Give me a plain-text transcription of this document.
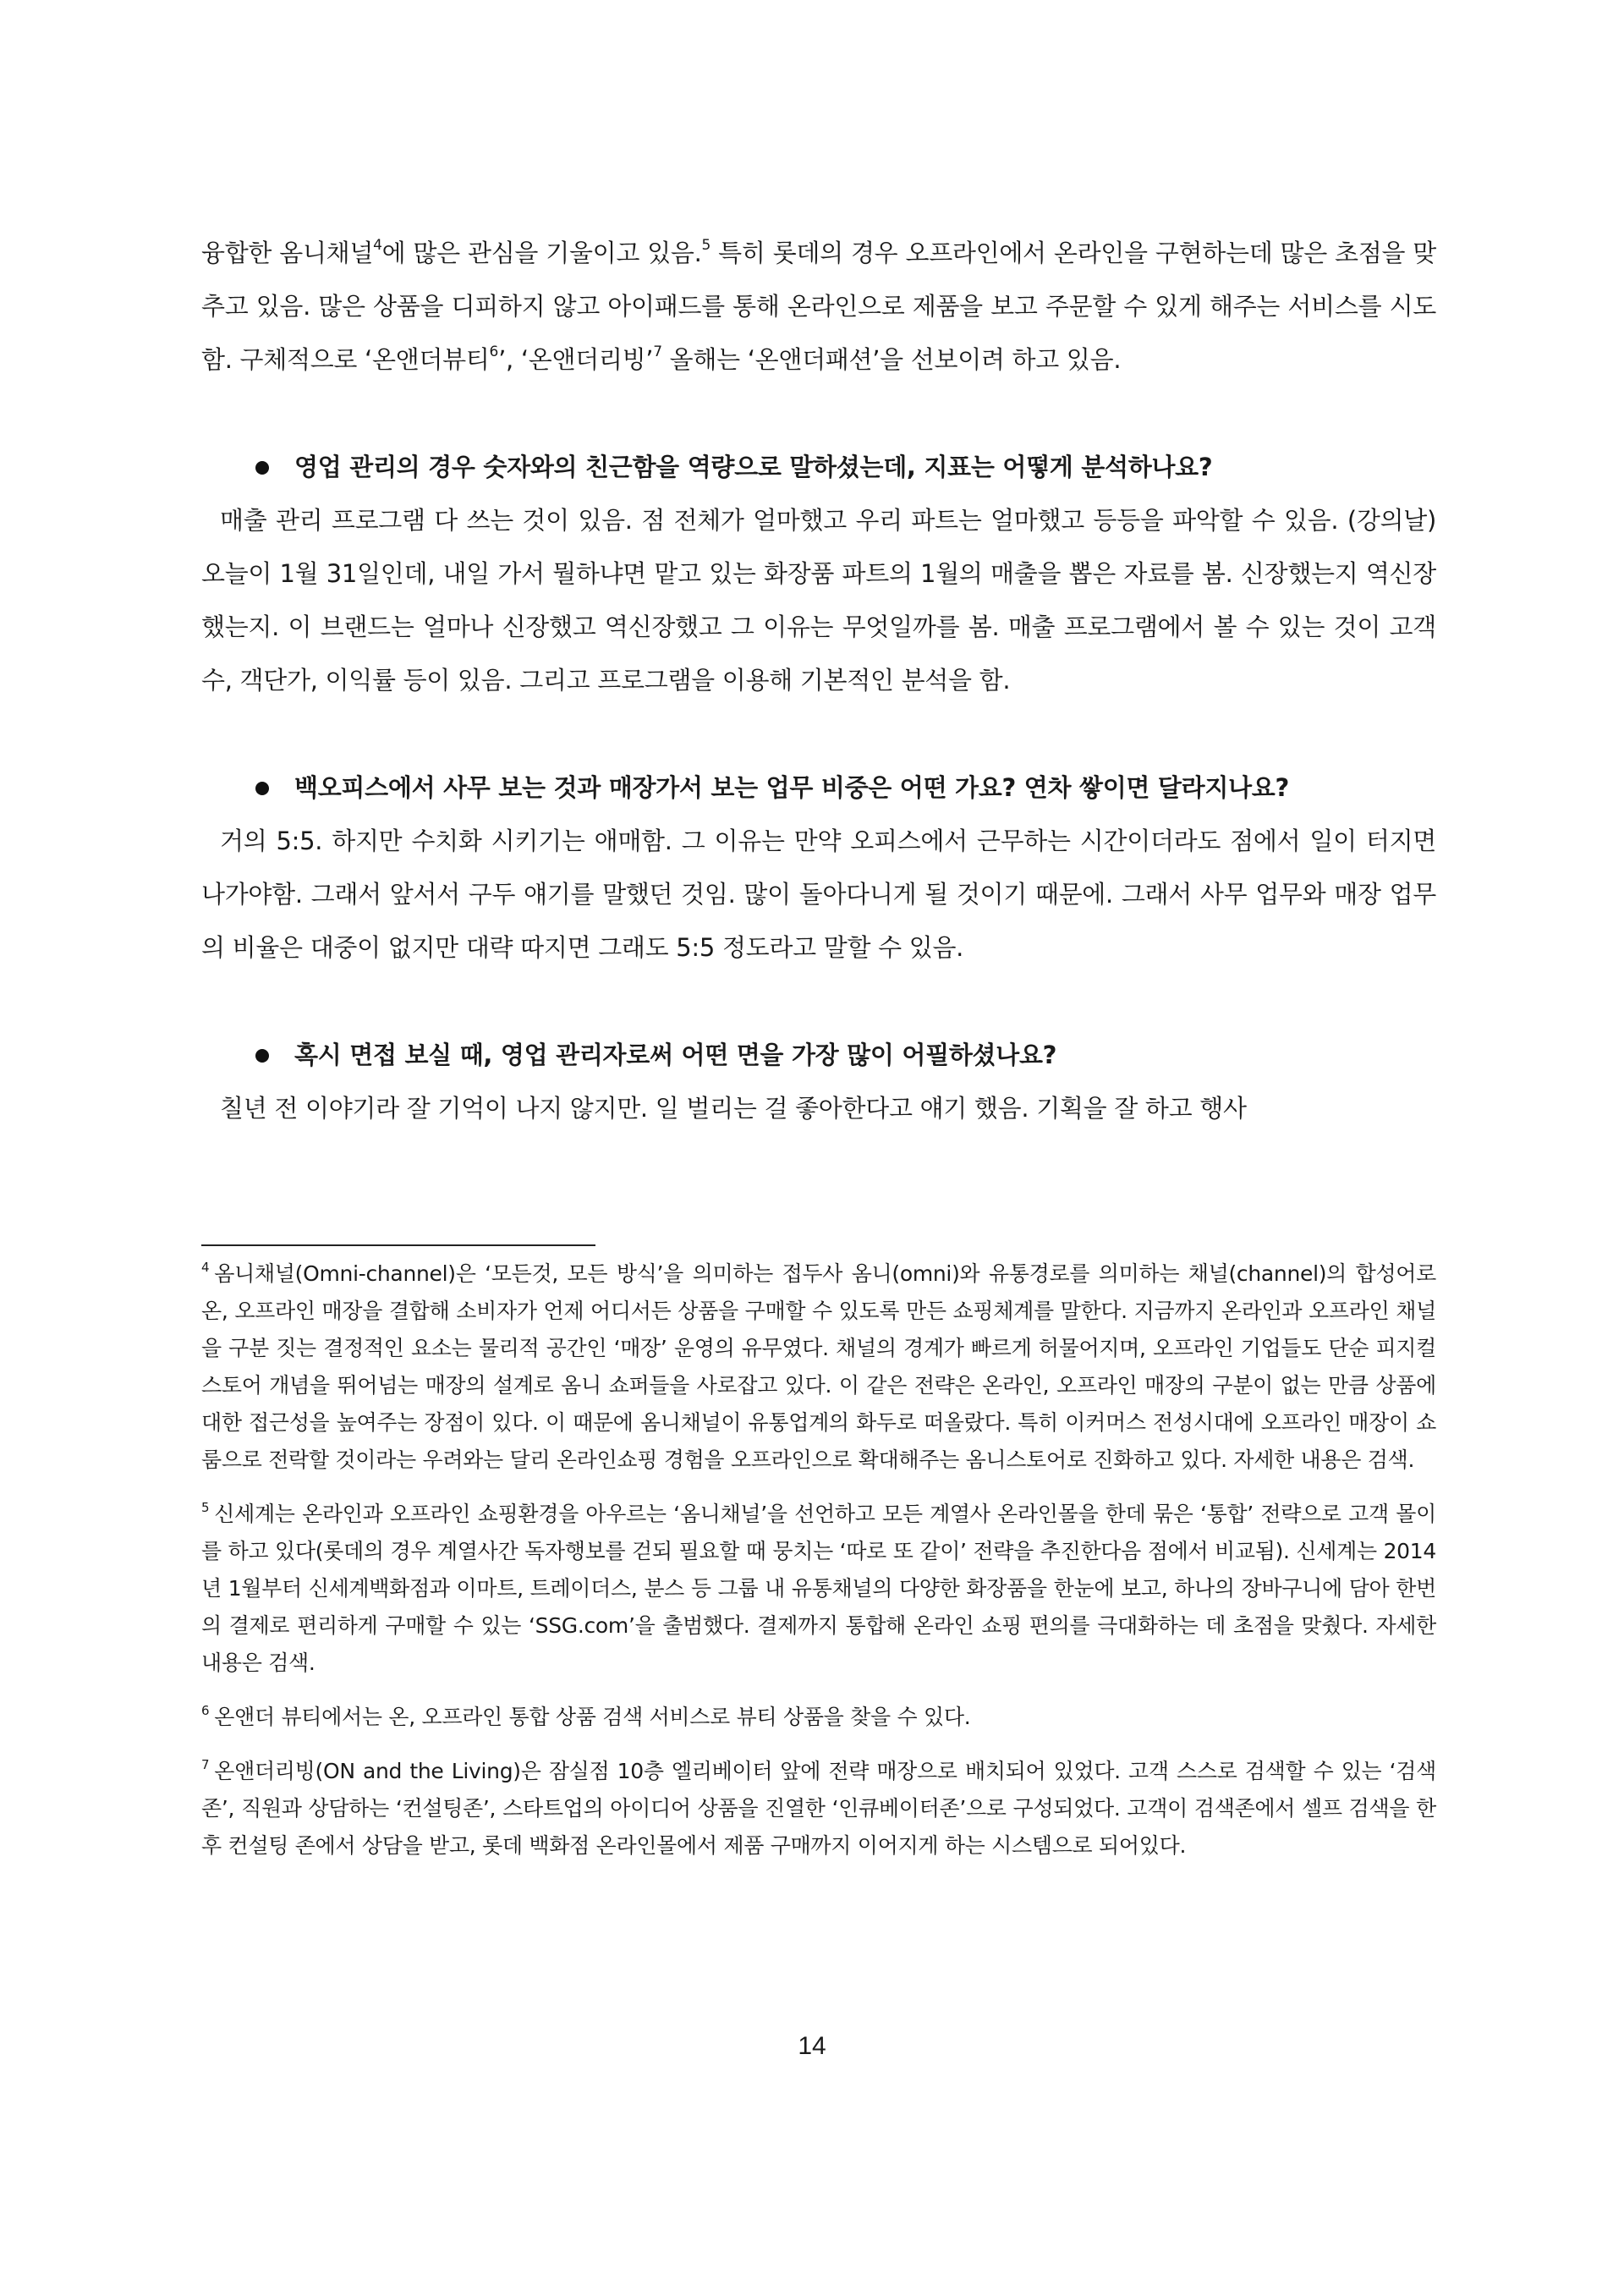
융합한 옴니채널$^4$에 많은 관심을 기울이고 있음.$^5$ 특히 롯데의 경우 오프라인에서 온라인을 구현하는데 많은 초점을 맞추고 있음. 많은 상품을 디피하지 않고 아이패드를 통해 온라인으로 제품을 보고 주문할 수 있게 해주는 서비스를 시도함. 구체적으로 ‘온앤더뷰티$^6$’, ‘온앤더리빙’$^7$ 올해는 ‘온앤더패션’을 선보이려 하고 있음.

영업 관리의 경우 숫자와의 친근함을 역량으로 말하셨는데, 지표는 어떻게 분석하나요?

매출 관리 프로그램 다 쓰는 것이 있음. 점 전체가 얼마했고 우리 파트는 얼마했고 등등을 파악할 수 있음. (강의날)오늘이 1월 31일인데, 내일 가서 뭘하냐면 맡고 있는 화장품 파트의 1월의 매출을 뽑은 자료를 봄. 신장했는지 역신장했는지. 이 브랜드는 얼마나 신장했고 역신장했고 그 이유는 무엇일까를 봄. 매출 프로그램에서 볼 수 있는 것이 고객 수, 객단가, 이익률 등이 있음. 그리고 프로그램을 이용해 기본적인 분석을 함.

백오피스에서 사무 보는 것과 매장가서 보는 업무 비중은 어떤 가요? 연차 쌓이면 달라지나요?

거의 5:5. 하지만 수치화 시키기는 애매함. 그 이유는 만약 오피스에서 근무하는 시간이더라도 점에서 일이 터지면 나가야함. 그래서 앞서서 구두 얘기를 말했던 것임. 많이 돌아다니게 될 것이기 때문에. 그래서 사무 업무와 매장 업무의 비율은 대중이 없지만 대략 따지면 그래도 5:5 정도라고 말할 수 있음.

혹시 면접 보실 때, 영업 관리자로써 어떤 면을 가장 많이 어필하셨나요?

칠년 전 이야기라 잘 기억이 나지 않지만. 일 벌리는 걸 좋아한다고 얘기 했음. 기획을 잘 하고 행사

$^4$ 옴니채널(Omni-channel)은 ‘모든것, 모든 방식’을 의미하는 접두사 옴니(omni)와 유통경로를 의미하는 채널(channel)의 합성어로 온, 오프라인 매장을 결합해 소비자가 언제 어디서든 상품을 구매할 수 있도록 만든 쇼핑체계를 말한다. 지금까지 온라인과 오프라인 채널을 구분 짓는 결정적인 요소는 물리적 공간인 ‘매장’ 운영의 유무였다. 채널의 경계가 빠르게 허물어지며, 오프라인 기업들도 단순 피지컬 스토어 개념을 뛰어넘는 매장의 설계로 옴니 쇼퍼들을 사로잡고 있다. 이 같은 전략은 온라인, 오프라인 매장의 구분이 없는 만큼 상품에 대한 접근성을 높여주는 장점이 있다. 이 때문에 옴니채널이 유통업계의 화두로 떠올랐다. 특히 이커머스 전성시대에 오프라인 매장이 쇼룸으로 전락할 것이라는 우려와는 달리 온라인쇼핑 경험을 오프라인으로 확대해주는 옴니스토어로 진화하고 있다. 자세한 내용은 검색.

$^5$ 신세계는 온라인과 오프라인 쇼핑환경을 아우르는 ‘옴니채널’을 선언하고 모든 계열사 온라인몰을 한데 묶은 ‘통합’ 전략으로 고객 몰이를 하고 있다(롯데의 경우 계열사간 독자행보를 걷되 필요할 때 뭉치는 ‘따로 또 같이’ 전략을 추진한다음 점에서 비교됨). 신세계는 2014년 1월부터 신세계백화점과 이마트, 트레이더스, 분스 등 그룹 내 유통채널의 다양한 화장품을 한눈에 보고, 하나의 장바구니에 담아 한번의 결제로 편리하게 구매할 수 있는 ‘SSG.com’을 출범했다. 결제까지 통합해 온라인 쇼핑 편의를 극대화하는 데 초점을 맞췄다. 자세한 내용은 검색.

$^6$ 온앤더 뷰티에서는 온, 오프라인 통합 상품 검색 서비스로 뷰티 상품을 찾을 수 있다.

$^7$ 온앤더리빙(ON and the Living)은 잠실점 10층 엘리베이터 앞에 전략 매장으로 배치되어 있었다. 고객 스스로 검색할 수 있는 ‘검색존’, 직원과 상담하는 ‘컨설팅존’, 스타트업의 아이디어 상품을 진열한 ‘인큐베이터존’으로 구성되었다. 고객이 검색존에서 셀프 검색을 한 후 컨설팅 존에서 상담을 받고, 롯데 백화점 온라인몰에서 제품 구매까지 이어지게 하는 시스템으로 되어있다.

14
